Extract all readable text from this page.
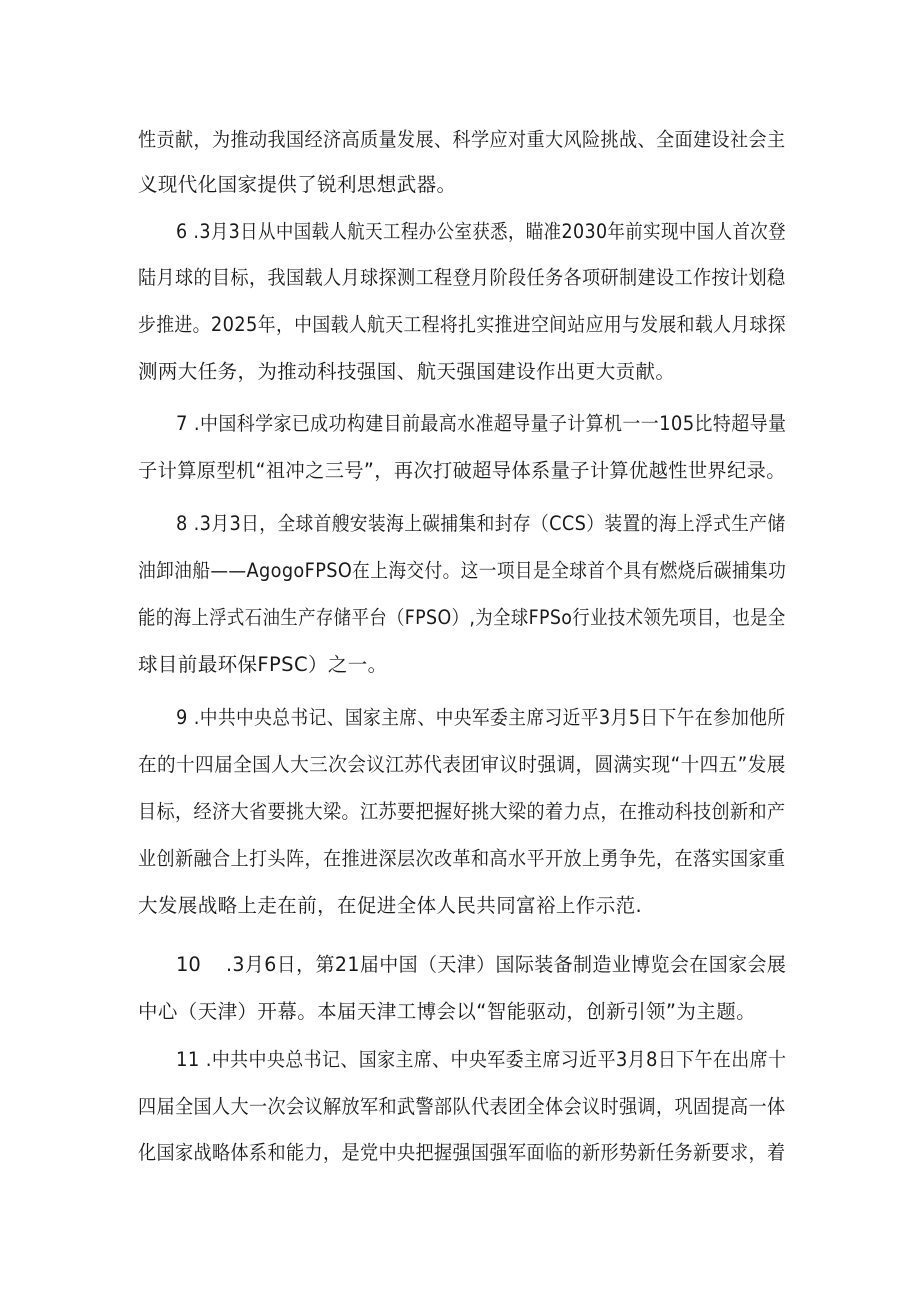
性贡献，为推动我国经济高质量发展、科学应对重大风险挑战、全面建设社会主
义现代化国家提供了锐利思想武器。
6 .3月3日从中国载人航天工程办公室获悉，瞄准2030年前实现中国人首次登
陆月球的目标，我国载人月球探测工程登月阶段任务各项研制建设工作按计划稳
步推进。2025年，中国载人航天工程将扎实推进空间站应用与发展和载人月球探
测两大任务，为推动科技强国、航天强国建设作出更大贡献。
7 .中国科学家已成功构建目前最高水准超导量子计算机一一105比特超导量
子计算原型机“祖冲之三号”，再次打破超导体系量子计算优越性世界纪录。
8 .3月3日，全球首艘安装海上碳捕集和封存（CCS）装置的海上浮式生产储
油卸油船——AgogoFPSO在上海交付。这一项目是全球首个具有燃烧后碳捕集功
能的海上浮式石油生产存储平台（FPSO）,为全球FPSo行业技术领先项目，也是全
球目前最环保FPSC）之一。
9 .中共中央总书记、国家主席、中央军委主席习近平3月5日下午在参加他所
在的十四届全国人大三次会议江苏代表团审议时强调，圆满实现“十四五”发展
目标，经济大省要挑大梁。江苏要把握好挑大梁的着力点，在推动科技创新和产
业创新融合上打头阵，在推进深层次改革和高水平开放上勇争先，在落实国家重
大发展战略上走在前，在促进全体人民共同富裕上作示范.
10 .3月6日，第21届中国（天津）国际装备制造业博览会在国家会展
中心（天津）开幕。本届天津工博会以“智能驱动，创新引领”为主题。
11 .中共中央总书记、国家主席、中央军委主席习近平3月8日下午在出席十
四届全国人大一次会议解放军和武警部队代表团全体会议时强调，巩固提高一体
化国家战略体系和能力，是党中央把握强国强军面临的新形势新任务新要求，着
